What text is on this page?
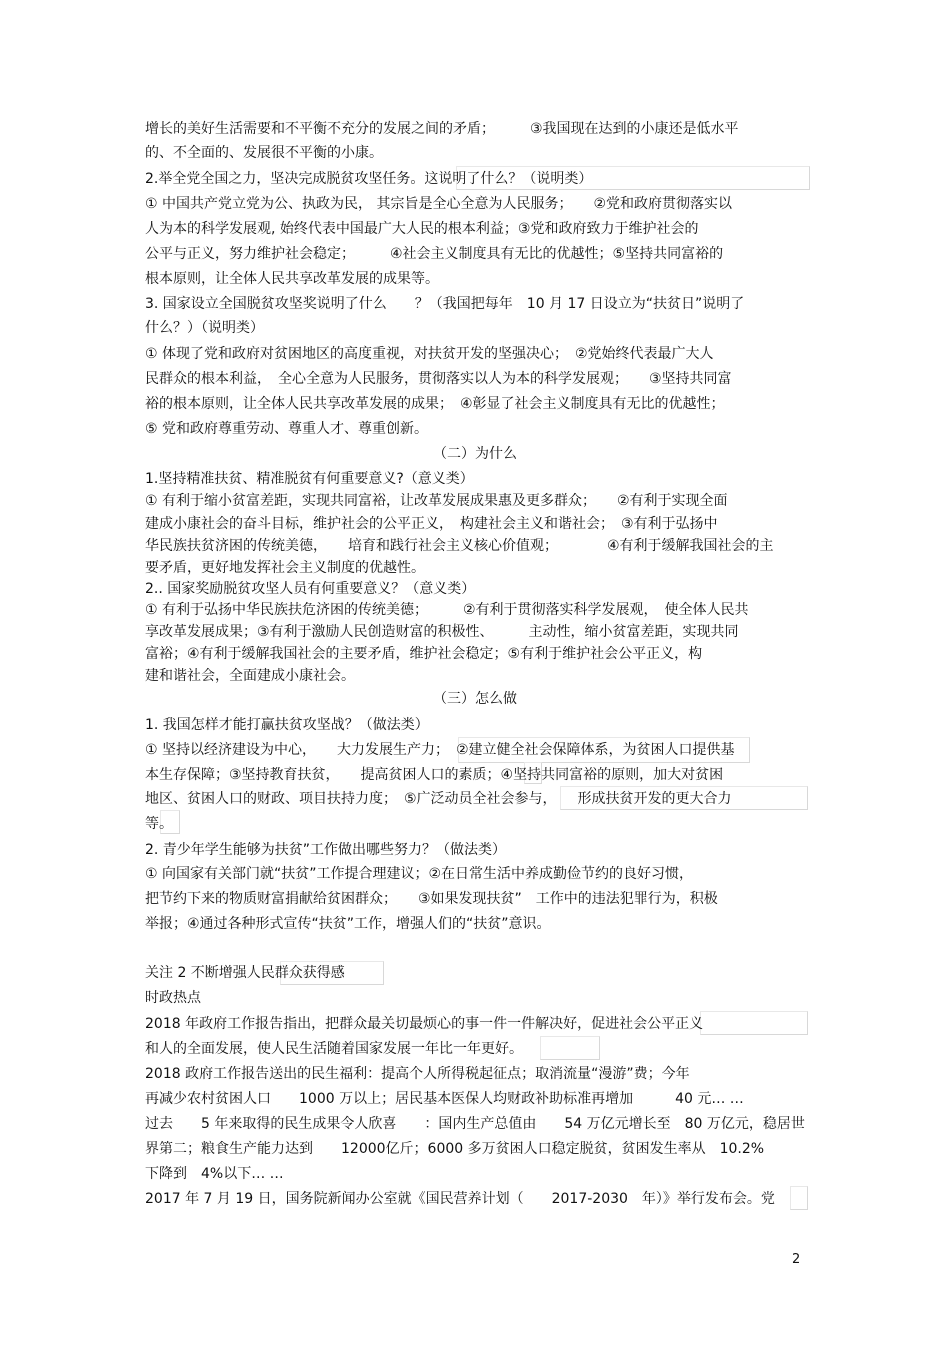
增长的美好生活需要和不平衡不充分的发展之间的矛盾；　　　③我国现在达到的小康还是低水平
的、不全面的、发展很不平衡的小康。
2.举全党全国之力，坚决完成脱贫攻坚任务。这说明了什么？（说明类）
① 中国共产党立党为公、执政为民， 其宗旨是全心全意为人民服务；　　②党和政府贯彻落实以
人为本的科学发展观, 始终代表中国最广大人民的根本利益；③党和政府致力于维护社会的
公平与正义，努力维护社会稳定；　　　④社会主义制度具有无比的优越性；⑤坚持共同富裕的
根本原则，让全体人民共享改革发展的成果等。
3. 国家设立全国脱贫攻坚奖说明了什么　　？（我国把每年　10 月 17 日设立为“扶贫日”说明了
什么？）（说明类）
① 体现了党和政府对贫困地区的高度重视，对扶贫开发的坚强决心；　②党始终代表最广大人
民群众的根本利益，　全心全意为人民服务，贯彻落实以人为本的科学发展观；　　③坚持共同富
裕的根本原则，让全体人民共享改革发展的成果；　④彰显了社会主义制度具有无比的优越性；
⑤ 党和政府尊重劳动、尊重人才、尊重创新。
（二）为什么
1.坚持精准扶贫、精准脱贫有何重要意义?（意义类）
① 有利于缩小贫富差距，实现共同富裕，让改革发展成果惠及更多群众；　　②有利于实现全面
建成小康社会的奋斗目标，维护社会的公平正义，　构建社会主义和谐社会；　③有利于弘扬中
华民族扶贫济困的传统美德，　　培育和践行社会主义核心价值观；　　　　④有利于缓解我国社会的主
要矛盾，更好地发挥社会主义制度的优越性。
2.. 国家奖励脱贫攻坚人员有何重要意义？（意义类）
① 有利于弘扬中华民族扶危济困的传统美德；　　　②有利于贯彻落实科学发展观，　使全体人民共
享改革发展成果；③有利于激励人民创造财富的积极性、　　　主动性，缩小贫富差距，实现共同
富裕；④有利于缓解我国社会的主要矛盾，维护社会稳定；⑤有利于维护社会公平正义，构
建和谐社会，全面建成小康社会。
（三）怎么做
1. 我国怎样才能打赢扶贫攻坚战？（做法类）
① 坚持以经济建设为中心，　　大力发展生产力；　②建立健全社会保障体系，为贫困人口提供基
本生存保障；③坚持教育扶贫，　　提高贫困人口的素质；④坚持共同富裕的原则，加大对贫困
地区、贫困人口的财政、项目扶持力度；　⑤广泛动员全社会参与，　　形成扶贫开发的更大合力
等。
2. 青少年学生能够为扶贫”工作做出哪些努力？（做法类）
① 向国家有关部门就“扶贫”工作提合理建议；②在日常生活中养成勤俭节约的良好习惯，
把节约下来的物质财富捐献给贫困群众；　　③如果发现扶贫”　工作中的违法犯罪行为，积极
举报；④通过各种形式宣传“扶贫”工作，增强人们的“扶贫”意识。
关注 2 不断增强人民群众获得感
时政热点
2018 年政府工作报告指出，把群众最关切最烦心的事一件一件解决好，促进社会公平正义
和人的全面发展，使人民生活随着国家发展一年比一年更好。
2018 政府工作报告送出的民生福利：提高个人所得税起征点；取消流量“漫游”费；今年
再减少农村贫困人口　　1000 万以上；居民基本医保人均财政补助标准再增加　　　40 元… …
过去　　5 年来取得的民生成果令人欣喜　　：国内生产总值由　　54 万亿元增长至　80 万亿元，稳居世
界第二；粮食生产能力达到　　12000亿斤；6000 多万贫困人口稳定脱贫，贫困发生率从　10.2%
下降到　4%以下… …
2017 年 7 月 19 日，国务院新闻办公室就《国民营养计划（　　2017-2030　年）》举行发布会。党
2
